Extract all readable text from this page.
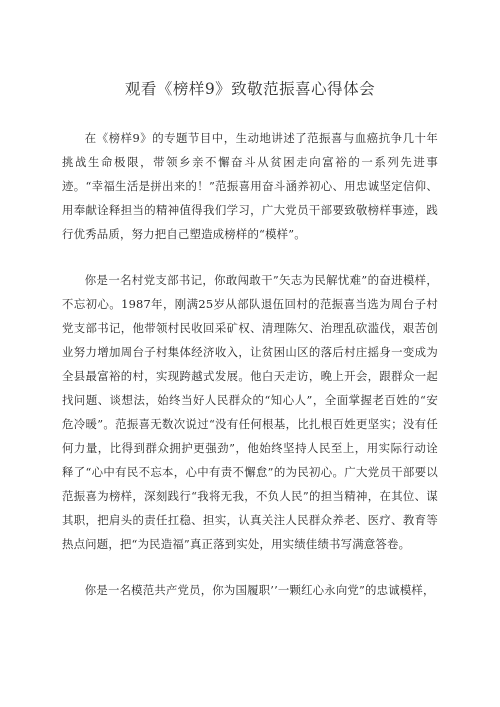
观看《榜样9》致敬范振喜心得体会

在《榜样9》的专题节目中，生动地讲述了范振喜与血癌抗争几十年挑战生命极限，带领乡亲不懈奋斗从贫困走向富裕的一系列先进事迹。“幸福生活是拼出来的！”范振喜用奋斗涵养初心、用忠诚坚定信仰、用奉献诠释担当的精神值得我们学习，广大党员干部要致敬榜样事迹，践行优秀品质，努力把自己塑造成榜样的“模样”。

你是一名村党支部书记，你敢闯敢干”矢志为民解忧难”的奋进模样，不忘初心。1987年，刚满25岁从部队退伍回村的范振喜当选为周台子村党支部书记，他带领村民收回采矿权、清理陈欠、治理乱砍滥伐，艰苦创业努力增加周台子村集体经济收入，让贫困山区的落后村庄摇身一变成为全县最富裕的村，实现跨越式发展。他白天走访，晚上开会，跟群众一起找问题、谈想法，始终当好人民群众的“知心人”，全面掌握老百姓的“安危冷暖”。范振喜无数次说过“没有任何根基，比扎根百姓更坚实；没有任何力量，比得到群众拥护更强劲”，他始终坚持人民至上，用实际行动诠释了“心中有民不忘本，心中有责不懈怠”的为民初心。广大党员干部要以范振喜为榜样，深刻践行“我将无我，不负人民”的担当精神，在其位、谋其职，把肩头的责任扛稳、担实，认真关注人民群众养老、医疗、教育等热点问题，把“为民造福”真正落到实处，用实绩佳绩书写满意答卷。

你是一名模范共产党员，你为国履职’’一颗红心永向党”的忠诚模样，
